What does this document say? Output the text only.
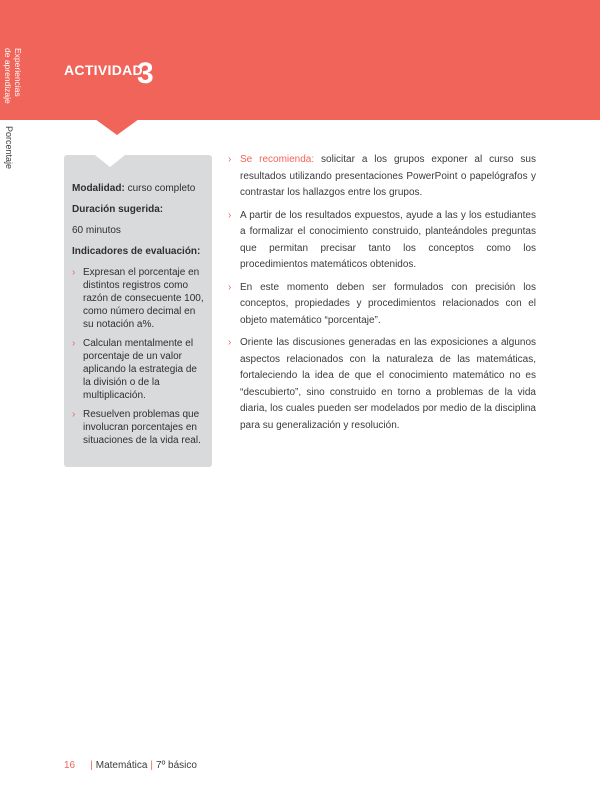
Experiencias
de aprendizaje
Porcentaje
ACTIVIDAD
3
Modalidad: curso completo
Duración sugerida:
60 minutos
Indicadores de evaluación:
› Expresan el porcentaje en distintos registros como razón de consecuente 100, como número decimal en su notación a%.
› Calculan mentalmente el porcentaje de un valor aplicando la estrategia de la división o de la multiplicación.
› Resuelven problemas que involucran porcentajes en situaciones de la vida real.
› Se recomienda: solicitar a los grupos exponer al curso sus resultados utilizando presentaciones PowerPoint o papelógrafos y contrastar los hallazgos entre los grupos.
› A partir de los resultados expuestos, ayude a las y los estudiantes a formalizar el conocimiento construido, planteándoles preguntas que permitan precisar tanto los conceptos como los procedimientos matemáticos obtenidos.
› En este momento deben ser formulados con precisión los conceptos, propiedades y procedimientos relacionados con el objeto matemático “porcentaje”.
› Oriente las discusiones generadas en las exposiciones a algunos aspectos relacionados con la naturaleza de las matemáticas, fortaleciendo la idea de que el conocimiento matemático no es “descubierto”, sino construido en torno a problemas de la vida diaria, los cuales pueden ser modelados por medio de la disciplina para su generalización y resolución.
16 | Matemática | 7º básico
